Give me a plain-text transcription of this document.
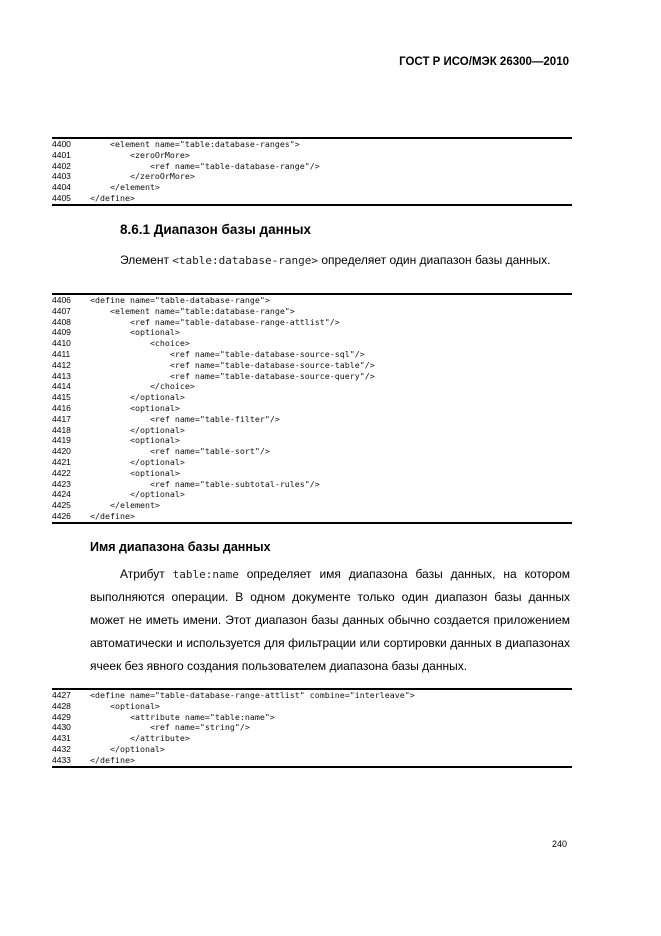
ГОСТ Р ИСО/МЭК 26300—2010
4400	<element name="table:database-ranges">
4401	<zeroOrMore>
4402	<ref name="table-database-range"/>
4403	</zeroOrMore>
4404	</element>
4405	</define>
8.6.1 Диапазон базы данных
Элемент <table:database-range> определяет один диапазон базы данных.
4406	<define name="table-database-range">
4407	<element name="table:database-range">
4408	<ref name="table-database-range-attlist"/>
4409	<optional>
4410	<choice>
4411	<ref name="table-database-source-sql"/>
4412	<ref name="table-database-source-table"/>
4413	<ref name="table-database-source-query"/>
4414	</choice>
4415	</optional>
4416	<optional>
4417	<ref name="table-filter"/>
4418	</optional>
4419	<optional>
4420	<ref name="table-sort"/>
4421	</optional>
4422	<optional>
4423	<ref name="table-subtotal-rules"/>
4424	</optional>
4425	</element>
4426	</define>
Имя диапазона базы данных
Атрибут table:name определяет имя диапазона базы данных, на котором выполняются операции. В одном документе только один диапазон базы данных может не иметь имени. Этот диапазон базы данных обычно создается приложением автоматически и используется для фильтрации или сортировки данных в диапазонах ячеек без явного создания пользователем диапазона базы данных.
4427	<define name="table-database-range-attlist" combine="interleave">
4428	<optional>
4429	<attribute name="table:name">
4430	<ref name="string"/>
4431	</attribute>
4432	</optional>
4433	</define>
240
